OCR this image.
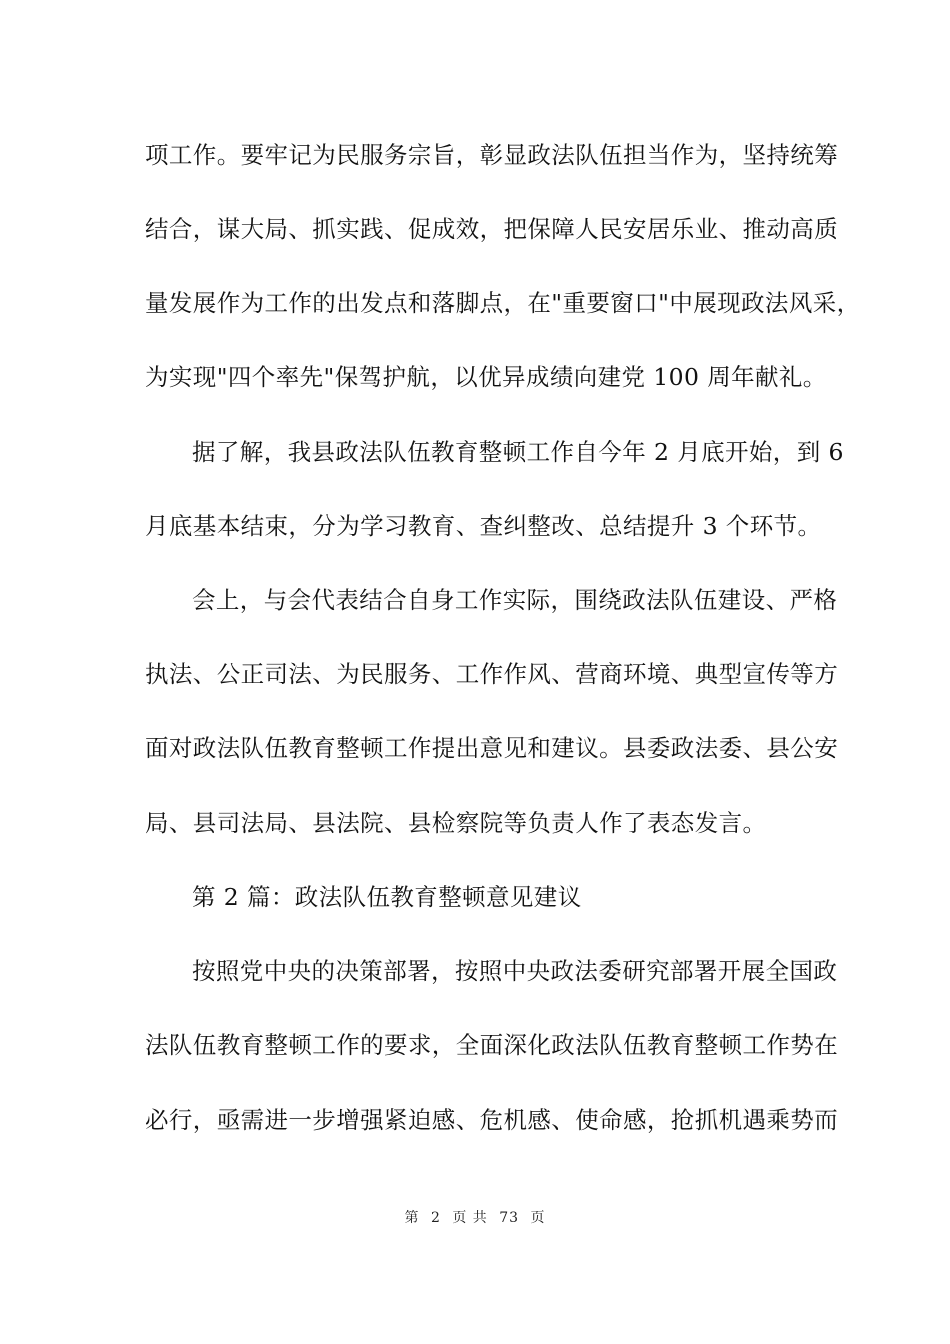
项工作。要牢记为民服务宗旨，彰显政法队伍担当作为，坚持统筹
结合，谋大局、抓实践、促成效，把保障人民安居乐业、推动高质
量发展作为工作的出发点和落脚点，在"重要窗口"中展现政法风采，
为实现"四个率先"保驾护航，以优异成绩向建党 100 周年献礼。
据了解，我县政法队伍教育整顿工作自今年 2 月底开始，到 6
月底基本结束，分为学习教育、查纠整改、总结提升 3 个环节。
会上，与会代表结合自身工作实际，围绕政法队伍建设、严格
执法、公正司法、为民服务、工作作风、营商环境、典型宣传等方
面对政法队伍教育整顿工作提出意见和建议。县委政法委、县公安
局、县司法局、县法院、县检察院等负责人作了表态发言。
第 2 篇：政法队伍教育整顿意见建议
按照党中央的决策部署，按照中央政法委研究部署开展全国政
法队伍教育整顿工作的要求，全面深化政法队伍教育整顿工作势在
必行，亟需进一步增强紧迫感、危机感、使命感，抢抓机遇乘势而
第 2 页 共 73 页
